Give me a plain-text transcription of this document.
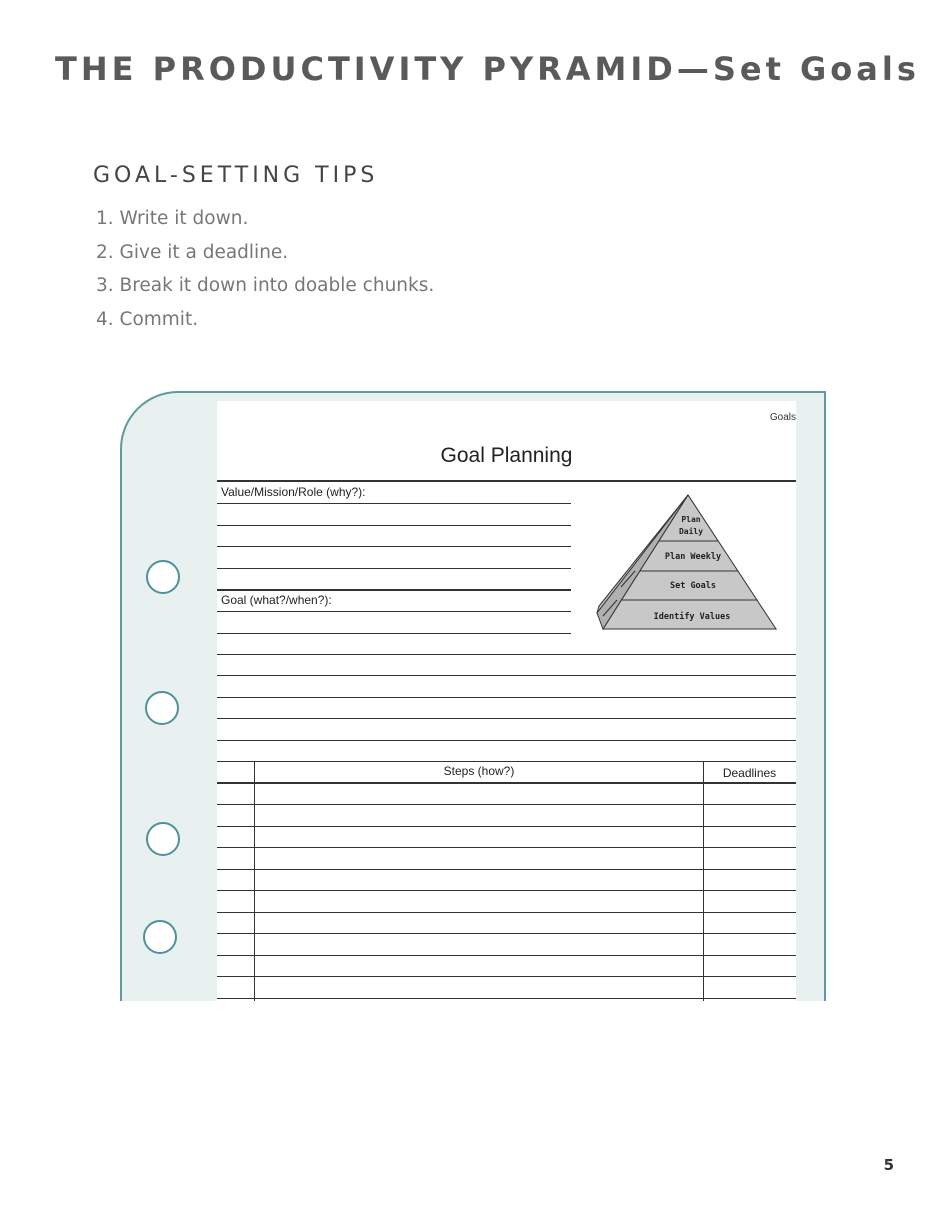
THE PRODUCTIVITY PYRAMID—Set Goals
GOAL-SETTING TIPS
1. Write it down.
2. Give it a deadline.
3. Break it down into doable chunks.
4. Commit.
Goals
Goal Planning
Value/Mission/Role (why?):
Goal (what?/when?):
Steps (how?)	Deadlines
Plan
Daily
Plan Weekly
Set Goals
Identify Values
5
